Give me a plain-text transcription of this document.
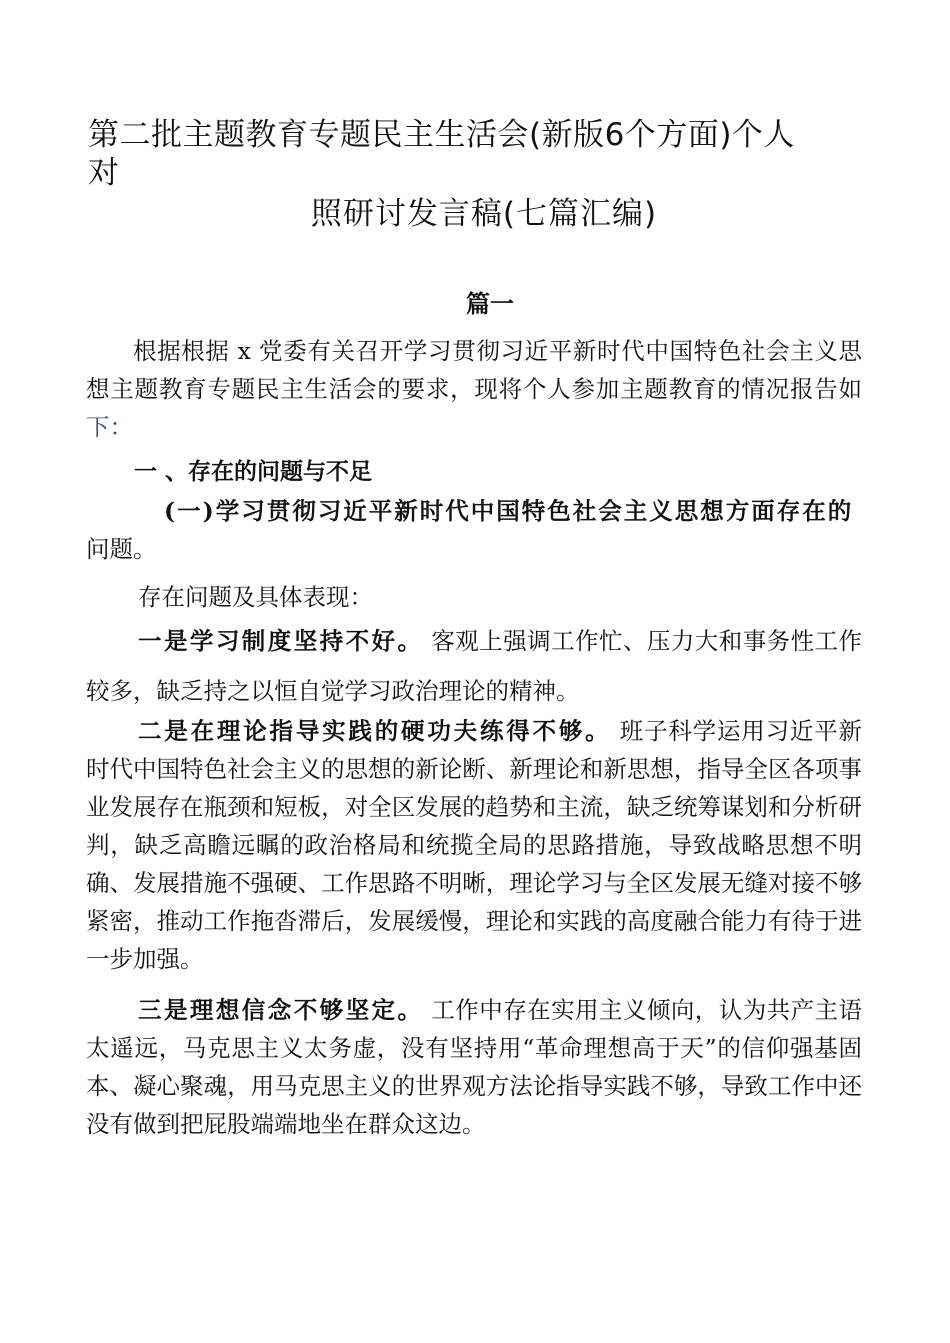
第二批主题教育专题民主生活会(新版6个方面)个人
对
照研讨发言稿(七篇汇编)
篇一

根据根据 x 党委有关召开学习贯彻习近平新时代中国特色社会主义思想主题教育专题民主生活会的要求，现将个人参加主题教育的情况报告如下：

一 、存在的问题与不足

(一)学习贯彻习近平新时代中国特色社会主义思想方面存在的
问题。

存在问题及具体表现：

一是学习制度坚持不好。 客观上强调工作忙、压力大和事务性工作较多，缺乏持之以恒自觉学习政治理论的精神。

二是在理论指导实践的硬功夫练得不够。 班子科学运用习近平新时代中国特色社会主义的思想的新论断、新理论和新思想，指导全区各项事业发展存在瓶颈和短板，对全区发展的趋势和主流，缺乏统筹谋划和分析研判，缺乏高瞻远瞩的政治格局和统揽全局的思路措施，导致战略思想不明确、发展措施不强硬、工作思路不明晰，理论学习与全区发展无缝对接不够紧密，推动工作拖沓滞后，发展缓慢，理论和实践的高度融合能力有待于进一步加强。

三是理想信念不够坚定。 工作中存在实用主义倾向，认为共产主语太遥远，马克思主义太务虚，没有坚持用“革命理想高于天”的信仰强基固本、凝心聚魂，用马克思主义的世界观方法论指导实践不够，导致工作中还没有做到把屁股端端地坐在群众这边。
